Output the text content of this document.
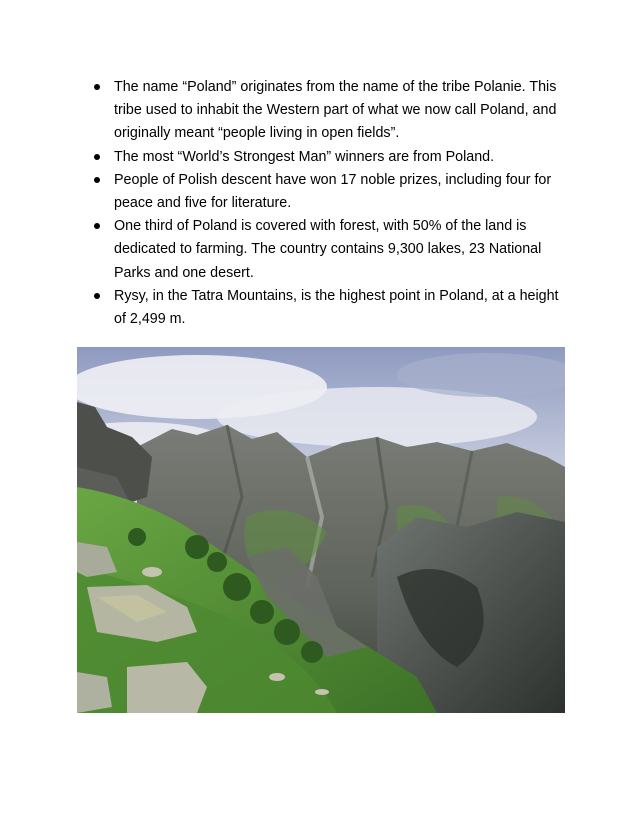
The name “Poland” originates from the name of the tribe Polanie. This tribe used to inhabit the Western part of what we now call Poland, and originally meant “people living in open fields”.
The most “World’s Strongest Man” winners are from Poland.
People of Polish descent have won 17 noble prizes, including four for peace and five for literature.
One third of Poland is covered with forest, with 50% of the land is dedicated to farming. The country contains 9,300 lakes, 23 National Parks and one desert.
Rysy, in the Tatra Mountains, is the highest point in Poland, at a height of 2,499 m.
